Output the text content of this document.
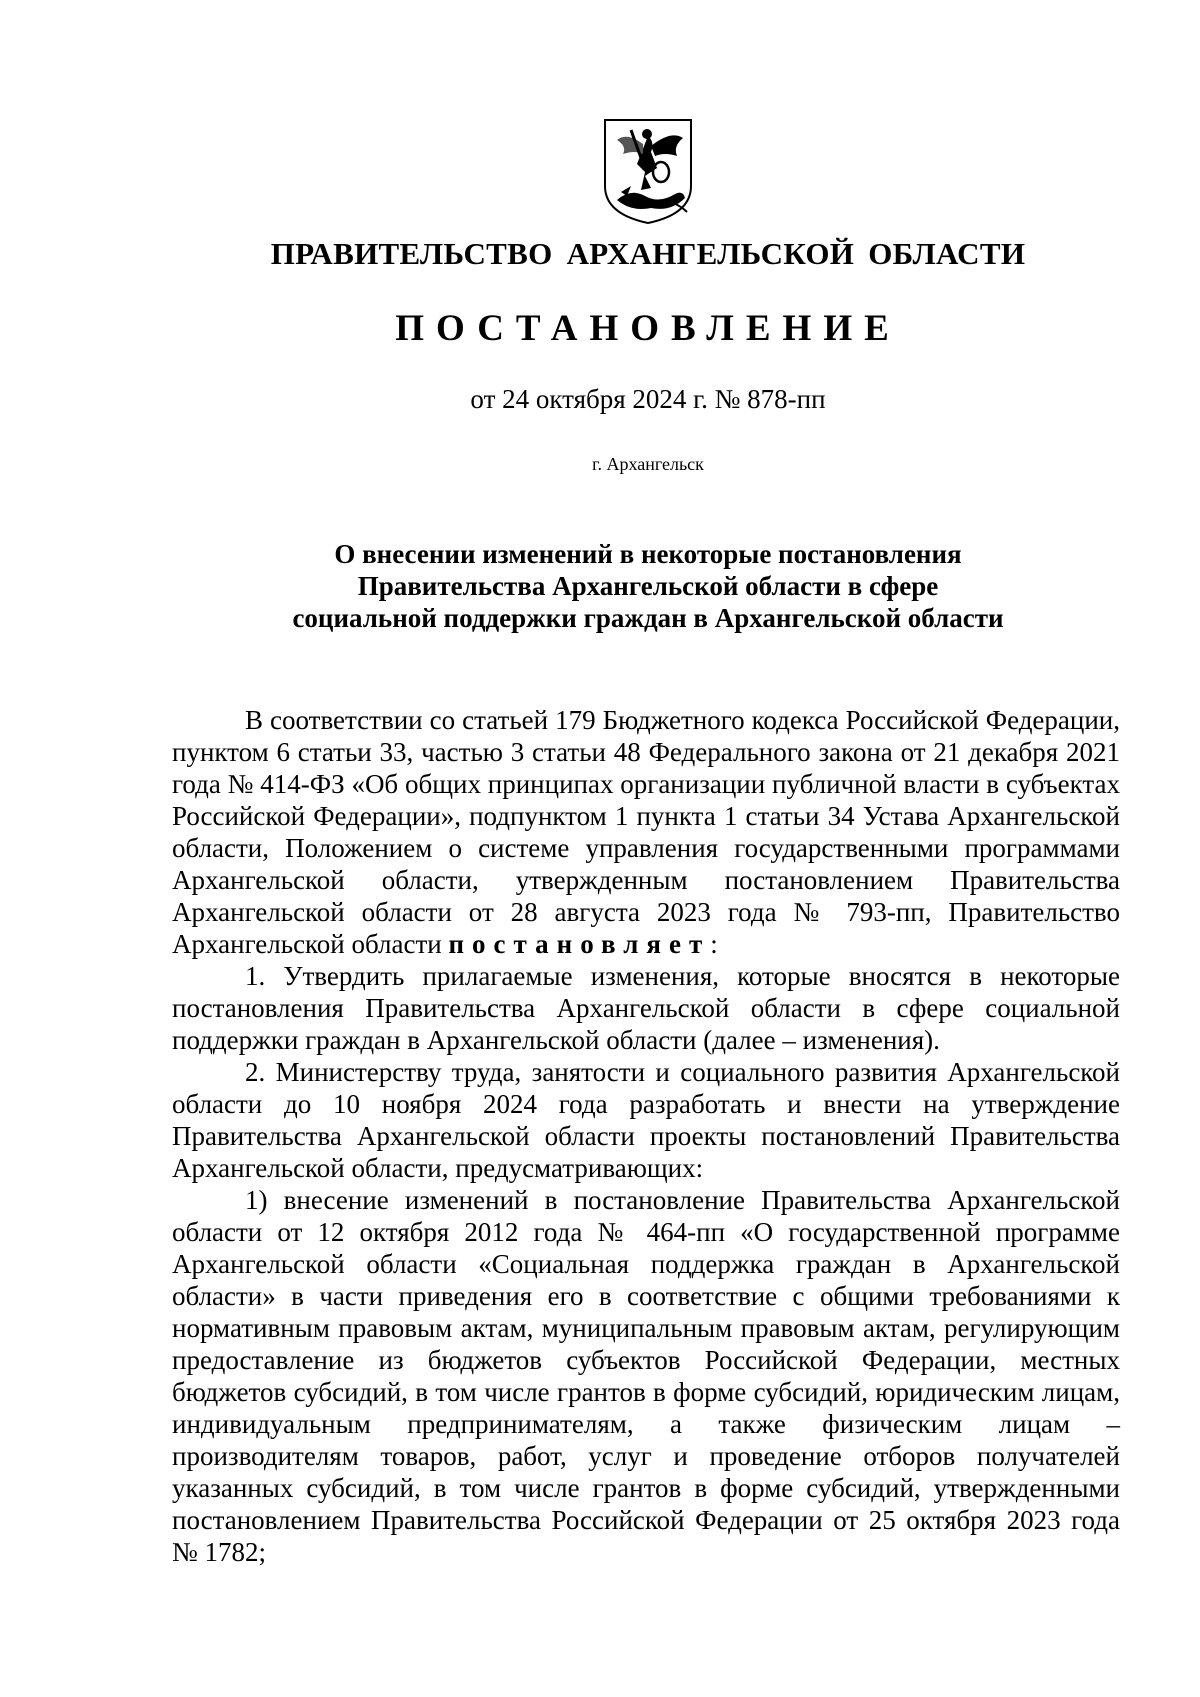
ПРАВИТЕЛЬСТВО АРХАНГЕЛЬСКОЙ ОБЛАСТИ
ПОСТАНОВЛЕНИЕ
от 24 октября 2024 г. № 878-пп
г. Архангельск
О внесении изменений в некоторые постановления
Правительства Архангельской области в сфере
социальной поддержки граждан в Архангельской области

В соответствии со статьей 179 Бюджетного кодекса Российской Федерации, пунктом 6 статьи 33, частью 3 статьи 48 Федерального закона от 21 декабря 2021 года № 414-ФЗ «Об общих принципах организации публичной власти в субъектах Российской Федерации», подпунктом 1 пункта 1 статьи 34 Устава Архангельской области, Положением о системе управления государственными программами Архангельской области, утвержденным постановлением Правительства Архангельской области от 28 августа 2023 года № 793-пп, Правительство Архангельской области постановляет:

1. Утвердить прилагаемые изменения, которые вносятся в некоторые постановления Правительства Архангельской области в сфере социальной поддержки граждан в Архангельской области (далее – изменения).

2. Министерству труда, занятости и социального развития Архангельской области до 10 ноября 2024 года разработать и внести на утверждение Правительства Архангельской области проекты постановлений Правительства Архангельской области, предусматривающих:

1) внесение изменений в постановление Правительства Архангельской области от 12 октября 2012 года № 464-пп «О государственной программе Архангельской области «Социальная поддержка граждан в Архангельской области» в части приведения его в соответствие с общими требованиями к нормативным правовым актам, муниципальным правовым актам, регулирующим предоставление из бюджетов субъектов Российской Федерации, местных бюджетов субсидий, в том числе грантов в форме субсидий, юридическим лицам, индивидуальным предпринимателям, а также физическим лицам – производителям товаров, работ, услуг и проведение отборов получателей указанных субсидий, в том числе грантов в форме субсидий, утвержденными постановлением Правительства Российской Федерации от 25 октября 2023 года № 1782;
